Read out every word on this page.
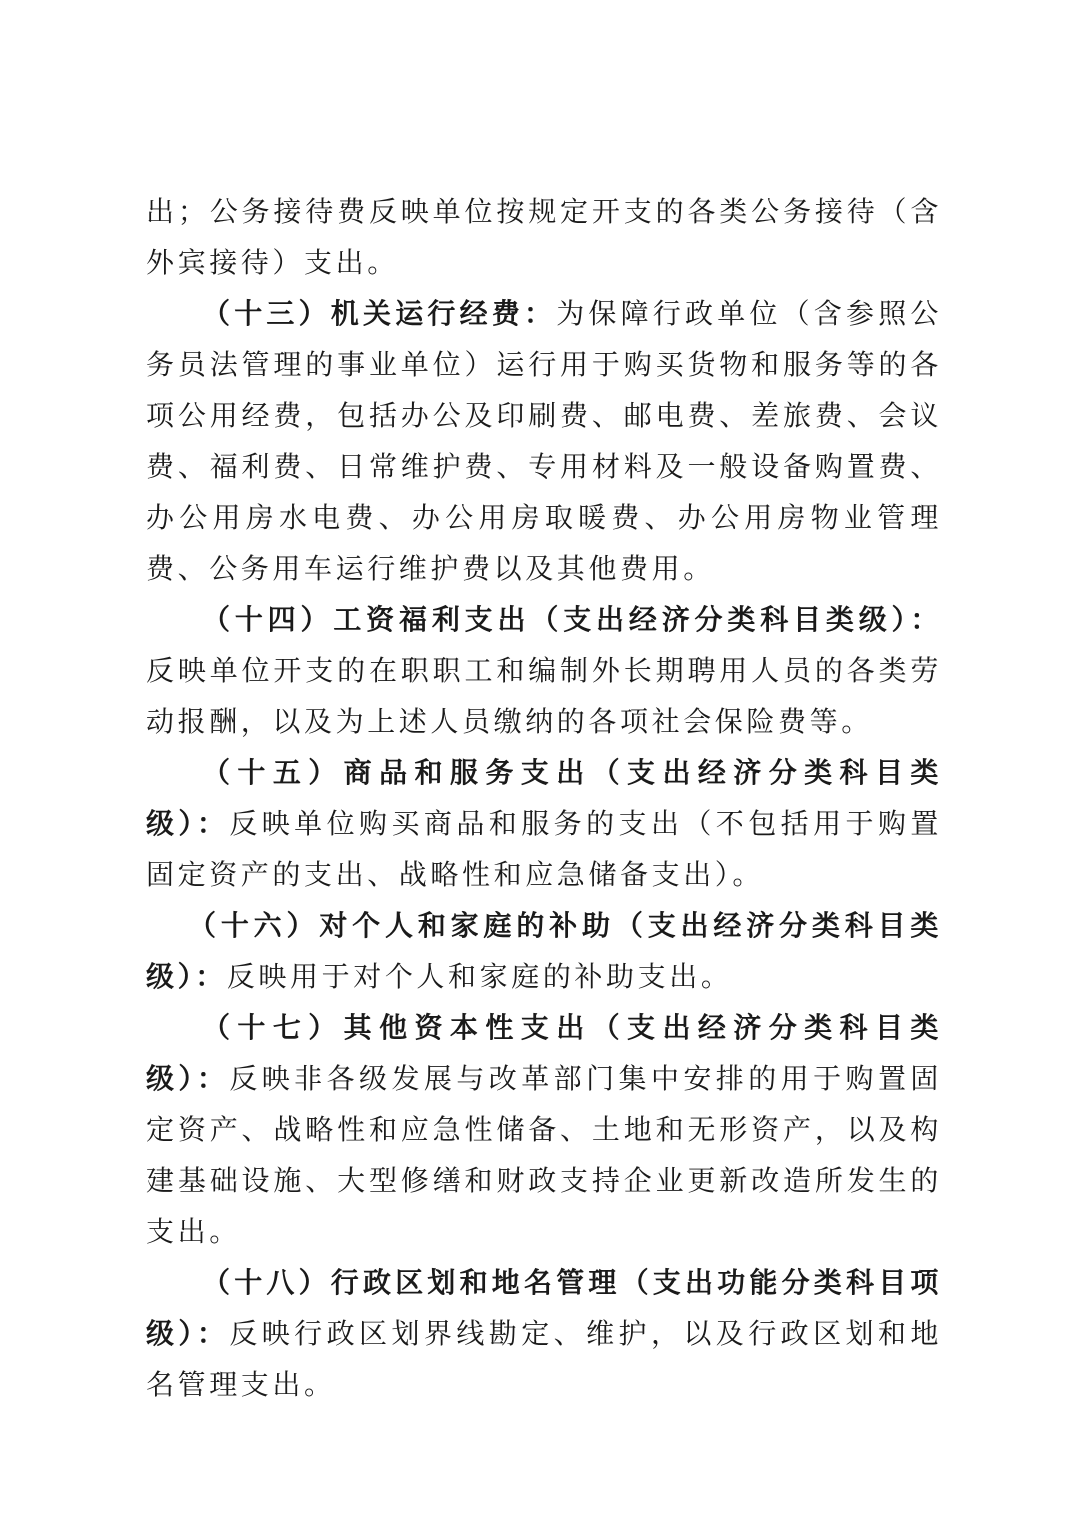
出；公务接待费反映单位按规定开支的各类公务接待（含外宾接待）支出。

（十三）机关运行经费：为保障行政单位（含参照公务员法管理的事业单位）运行用于购买货物和服务等的各项公用经费，包括办公及印刷费、邮电费、差旅费、会议费、福利费、日常维护费、专用材料及一般设备购置费、办公用房水电费、办公用房取暖费、办公用房物业管理费、公务用车运行维护费以及其他费用。

（十四）工资福利支出（支出经济分类科目类级）：反映单位开支的在职职工和编制外长期聘用人员的各类劳动报酬，以及为上述人员缴纳的各项社会保险费等。

（十五）商品和服务支出（支出经济分类科目类级）：反映单位购买商品和服务的支出（不包括用于购置固定资产的支出、战略性和应急储备支出）。

（十六）对个人和家庭的补助（支出经济分类科目类级）：反映用于对个人和家庭的补助支出。

（十七）其他资本性支出（支出经济分类科目类级）：反映非各级发展与改革部门集中安排的用于购置固定资产、战略性和应急性储备、土地和无形资产，以及构建基础设施、大型修缮和财政支持企业更新改造所发生的支出。

（十八）行政区划和地名管理（支出功能分类科目项级）：反映行政区划界线勘定、维护，以及行政区划和地名管理支出。
